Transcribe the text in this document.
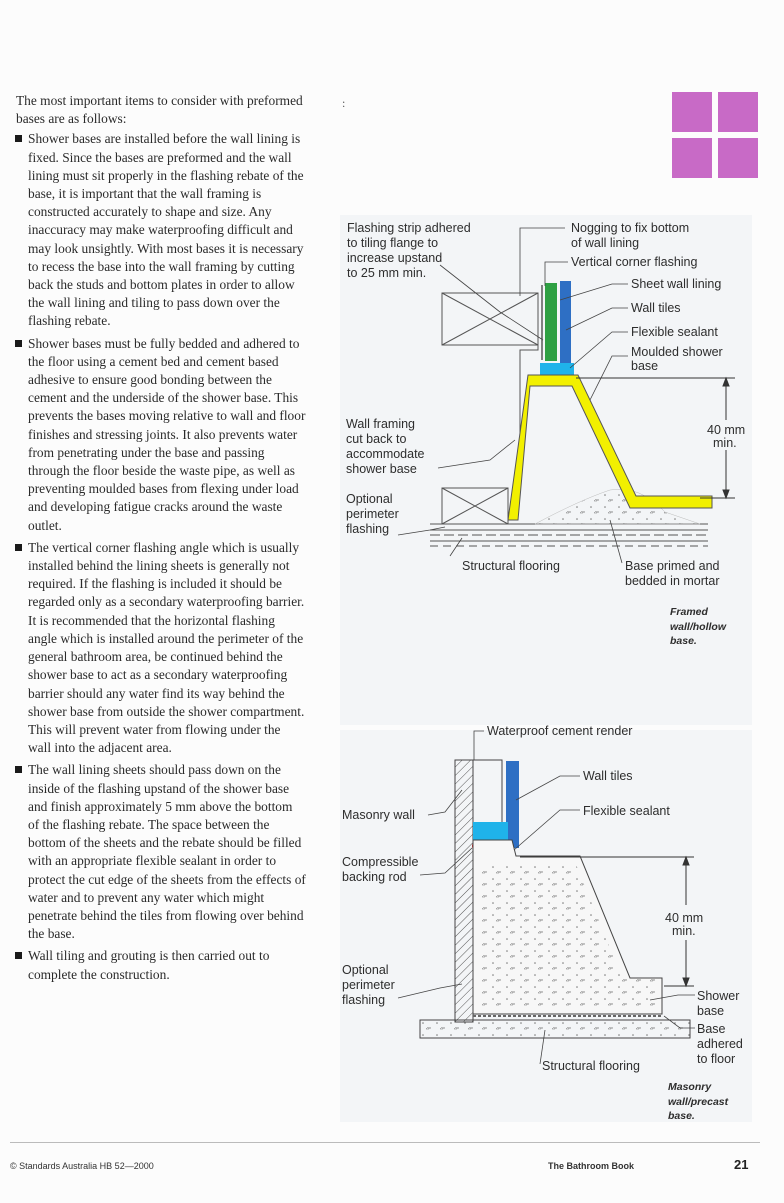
The most important items to consider with preformed bases are as follows:

Shower bases are installed before the wall lining is fixed. Since the bases are preformed and the wall lining must sit properly in the flashing rebate of the base, it is important that the wall framing is constructed accurately to shape and size. Any inaccuracy may make waterproofing difficult and may look unsightly. With most bases it is necessary to recess the base into the wall framing by cutting back the studs and bottom plates in order to allow the wall lining and tiling to pass down over the flashing rebate.
Shower bases must be fully bedded and adhered to the floor using a cement bed and cement based adhesive to ensure good bonding between the cement and the underside of the shower base. This prevents the bases moving relative to wall and floor finishes and stressing joints. It also prevents water from penetrating under the base and passing through the floor beside the waste pipe, as well as preventing moulded bases from flexing under load and developing fatigue cracks around the waste outlet.
The vertical corner flashing angle which is usually installed behind the lining sheets is generally not required. If the flashing is included it should be regarded only as a secondary waterproofing barrier. It is recommended that the horizontal flashing angle which is installed around the perimeter of the general bathroom area, be continued behind the shower base to act as a secondary waterproofing barrier should any water find its way behind the shower base from outside the shower compartment. This will prevent water from flowing under the wall into the adjacent area.
The wall lining sheets should pass down on the inside of the flashing upstand of the shower base and finish approximately 5 mm above the bottom of the flashing rebate. The space between the bottom of the sheets and the rebate should be filled with an appropriate flexible sealant in order to protect the cut edge of the sheets from the effects of water and to prevent any water which might penetrate behind the tiles from flowing over behind the base.
Wall tiling and grouting is then carried out to complete the construction.
:
Flashing strip adhered to tiling flange to increase upstand to 25 mm min.
Nogging to fix bottom of wall lining
Vertical corner flashing
Sheet wall lining
Wall tiles
Flexible sealant
Moulded shower base
Wall framing cut back to accommodate shower base
40 mm min.
Optional perimeter flashing
Structural flooring	Base primed and bedded in mortar
Waterproof cement render
Wall tiles
Masonry wall	Flexible sealant
Compressible backing rod
40 mm min.
Optional perimeter flashing	Shower base
Base adhered to floor
Structural flooring
Framed
wall/hollow
base.
Masonry
wall/precast
base.
© Standards Australia HB 52—2000	The Bathroom Book	21
